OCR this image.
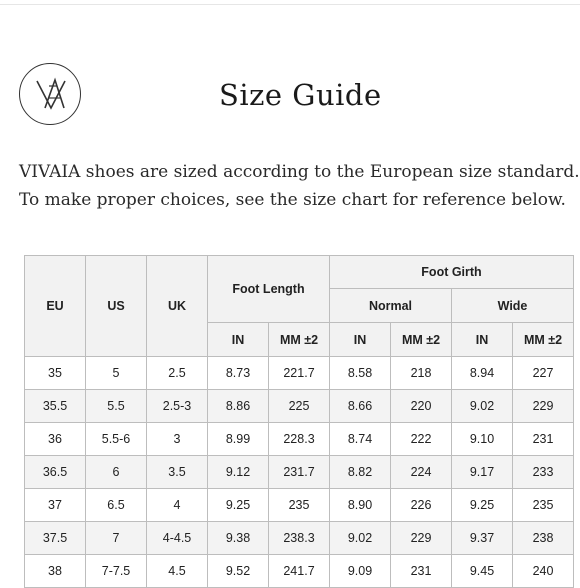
Size Guide
VIVAIA shoes are sized according to the European size standard.
To make proper choices, see the size chart for reference below.
EU	US	UK	Foot Length		Foot Girth			
					Normal		Wide	
			IN	MM ±2	IN	MM ±2	IN	MM ±2
35	5	2.5	8.73	221.7	8.58	218	8.94	227
35.5	5.5	2.5-3	8.86	225	8.66	220	9.02	229
36	5.5-6	3	8.99	228.3	8.74	222	9.10	231
36.5	6	3.5	9.12	231.7	8.82	224	9.17	233
37	6.5	4	9.25	235	8.90	226	9.25	235
37.5	7	4-4.5	9.38	238.3	9.02	229	9.37	238
38	7-7.5	4.5	9.52	241.7	9.09	231	9.45	240
